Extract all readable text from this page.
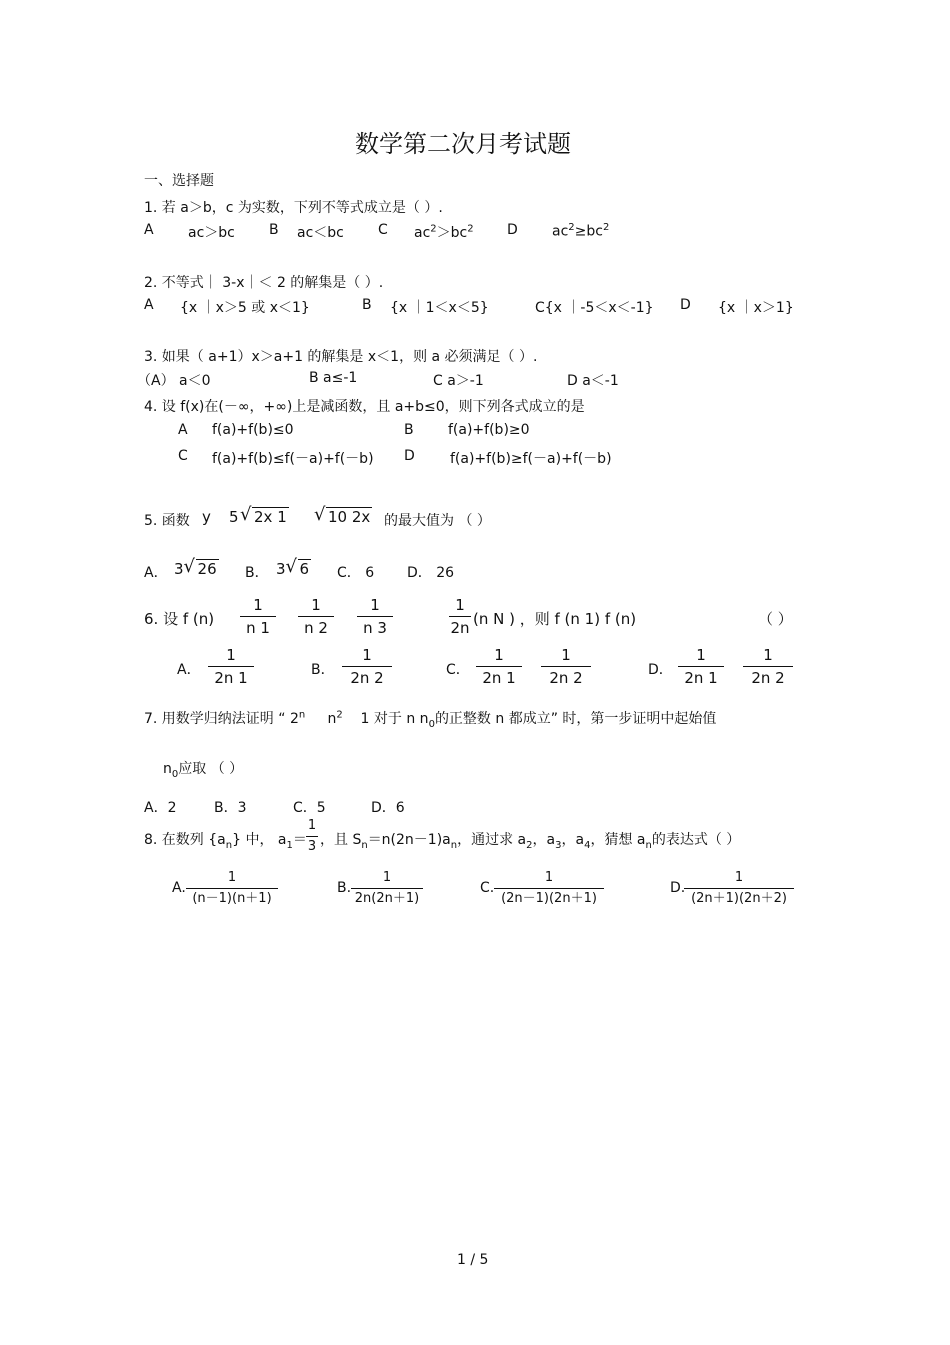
数学第二次月考试题
一、选择题
1. 若 a＞b，c 为实数，下列不等式成立是（ ）.
A ac＞bc B ac＜bc C $ac^2>bc^2$ D $ac^2\ge bc^2$
2. 不等式｜ 3-x｜＜ 2 的解集是（ ）.
A {x ｜x＞5 或 x＜1}	B {x ｜1＜x＜5}	C{x ｜-5＜x＜-1} D {x ｜x＞1}
3. 如果（ a+1）x＞a+1 的解集是 x＜1，则 a 必须满足（ ）.
（A） a＜0	B a≤-1	C a＞-1	D a＜-1
4. 设 f(x)在(－∞，+∞)上是减函数，且 a+b≤0，则下列各式成立的是
A f(a)+f(b)≤0	B f(a)+f(b)≥0
C f(a)+f(b)≤f(－a)+f(－b) D	f(a)+f(b)≥f(－a)+f(－b)
5. 函数 y 5 √ 2x 1 √ 10 2x 的最大值为 （ ）
A． 3 √ 26 B． 3 √ 6 C． 6 D． 26
6. 设 f (n)
1
n 1
1
n 2
1
n 3
1
2n (n N ) ，则 f (n 1) f (n)	（ ）
A．
1
2n 1	B．
1
2n 2	C．
1
2n 1
1
2n 2	D．
1
2n 1
1
2n 2
7. 用数学归纳法证明 “ 2$^n$ $n^2$ 1 对于 n $n_0$的正整数 n 都成立” 时，第一步证明中起始值
$n_0$应取 （ ）
A．2	B．3	C．5	D．6
8. 在数列 $\{a_n\}$ 中， $a_1=$
1
3 ，且 $S_n=n(2n-1)a_n$，通过求 $a_2$，$a_3$，$a_4$，猜想 $a_n$的表达式（ ）
A.
1
(n－1)(n＋1)
B.
1
2n(2n＋1)
C.
1
(2n－1)(2n＋1)
D.
1
(2n＋1)(2n＋2)
1 / 5
